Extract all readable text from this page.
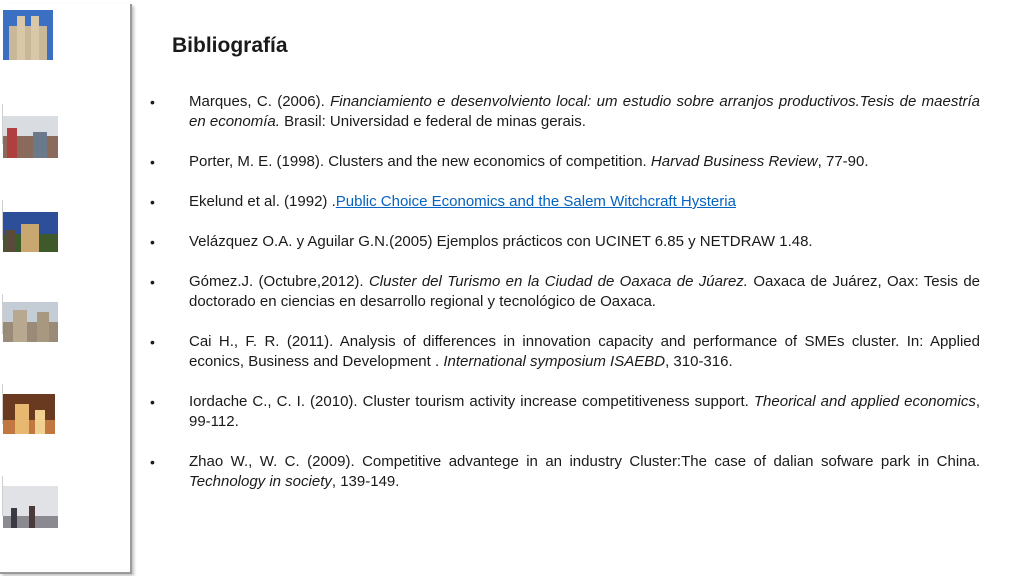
Bibliografía
• Marques, C. (2006). Financiamiento e desenvolviento local: um estudio sobre arranjos productivos.Tesis de maestría en economía. Brasil: Universidad e federal de minas gerais.
• Porter, M. E. (1998). Clusters and the new economics of competition. Harvad Business Review, 77-90.
• Ekelund et al. (1992) .Public Choice Economics and the Salem Witchcraft Hysteria
• Velázquez O.A. y Aguilar G.N.(2005) Ejemplos prácticos con UCINET 6.85 y NETDRAW 1.48.
• Gómez.J. (Octubre,2012). Cluster del Turismo en la Ciudad de Oaxaca de Júarez. Oaxaca de Juárez, Oax: Tesis de doctorado en ciencias en desarrollo regional y tecnológico de Oaxaca.
• Cai H., F. R. (2011). Analysis of differences in innovation capacity and performance of SMEs cluster. In: Applied econics, Business and Development . International symposium ISAEBD, 310-316.
• Iordache C., C. I. (2010). Cluster tourism activity increase competitiveness support. Theorical and applied economics, 99-112.
• Zhao W., W. C. (2009). Competitive advantege in an industry Cluster:The case of dalian sofware park in China. Technology in society, 139-149.
